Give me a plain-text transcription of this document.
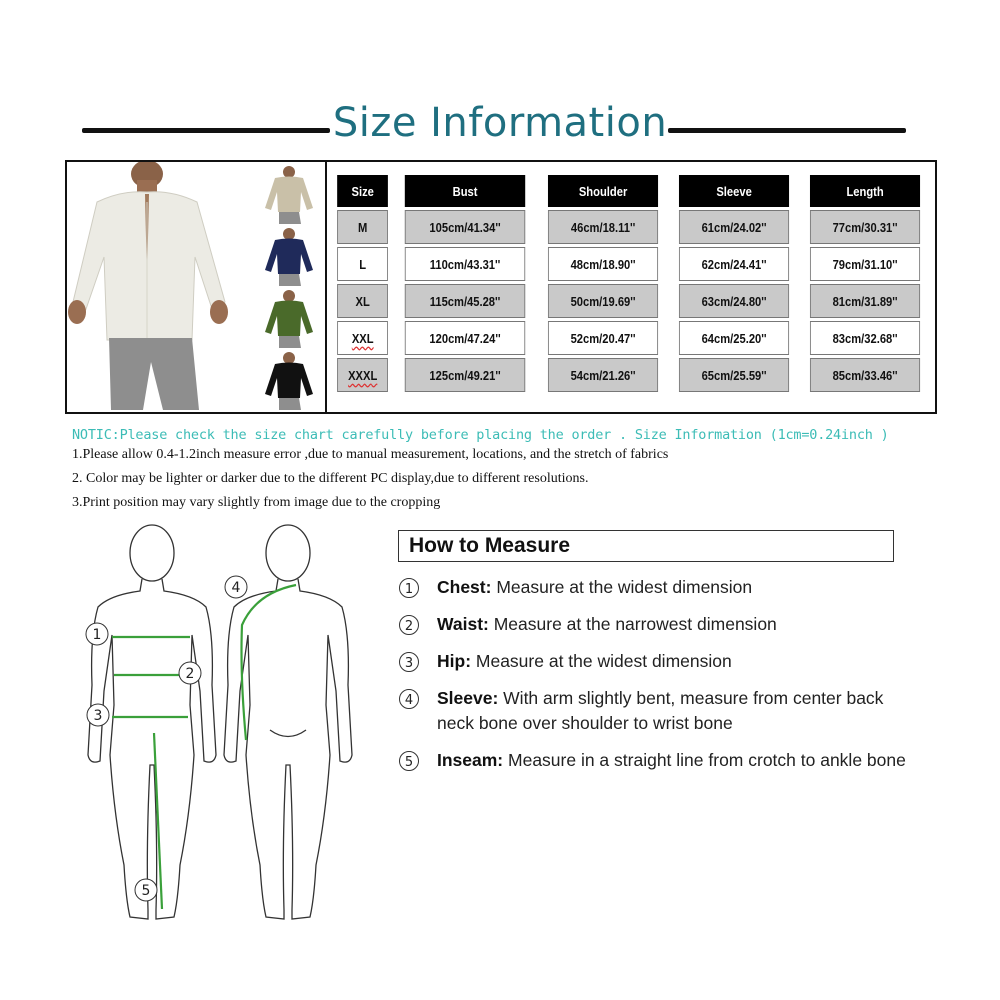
Size Information
Size	Bust	Shoulder	Sleeve	Length
M	105cm/41.34''	46cm/18.11''	61cm/24.02''	77cm/30.31''
L	110cm/43.31''	48cm/18.90''	62cm/24.41''	79cm/31.10''
XL	115cm/45.28''	50cm/19.69''	63cm/24.80''	81cm/31.89''
XXL	120cm/47.24''	52cm/20.47''	64cm/25.20''	83cm/32.68''
XXXL	125cm/49.21''	54cm/21.26''	65cm/25.59''	85cm/33.46''
NOTIC:Please check the size chart carefully before placing the order . Size Information (1cm=0.24inch )
1.Please allow 0.4-1.2inch measure error ,due to manual measurement, locations, and the stretch of fabrics
2. Color may be lighter or darker due to the different PC display,due to different resolutions.
3.Print position may vary slightly from image due to the cropping
1
2
3
4
5
How to Measure
1 Chest: Measure at the widest dimension
2 Waist: Measure at the narrowest dimension
3 Hip: Measure at the widest dimension
4 Sleeve: With arm slightly bent, measure from center back neck bone over shoulder to wrist bone
5 Inseam: Measure in a straight line from crotch to ankle bone
